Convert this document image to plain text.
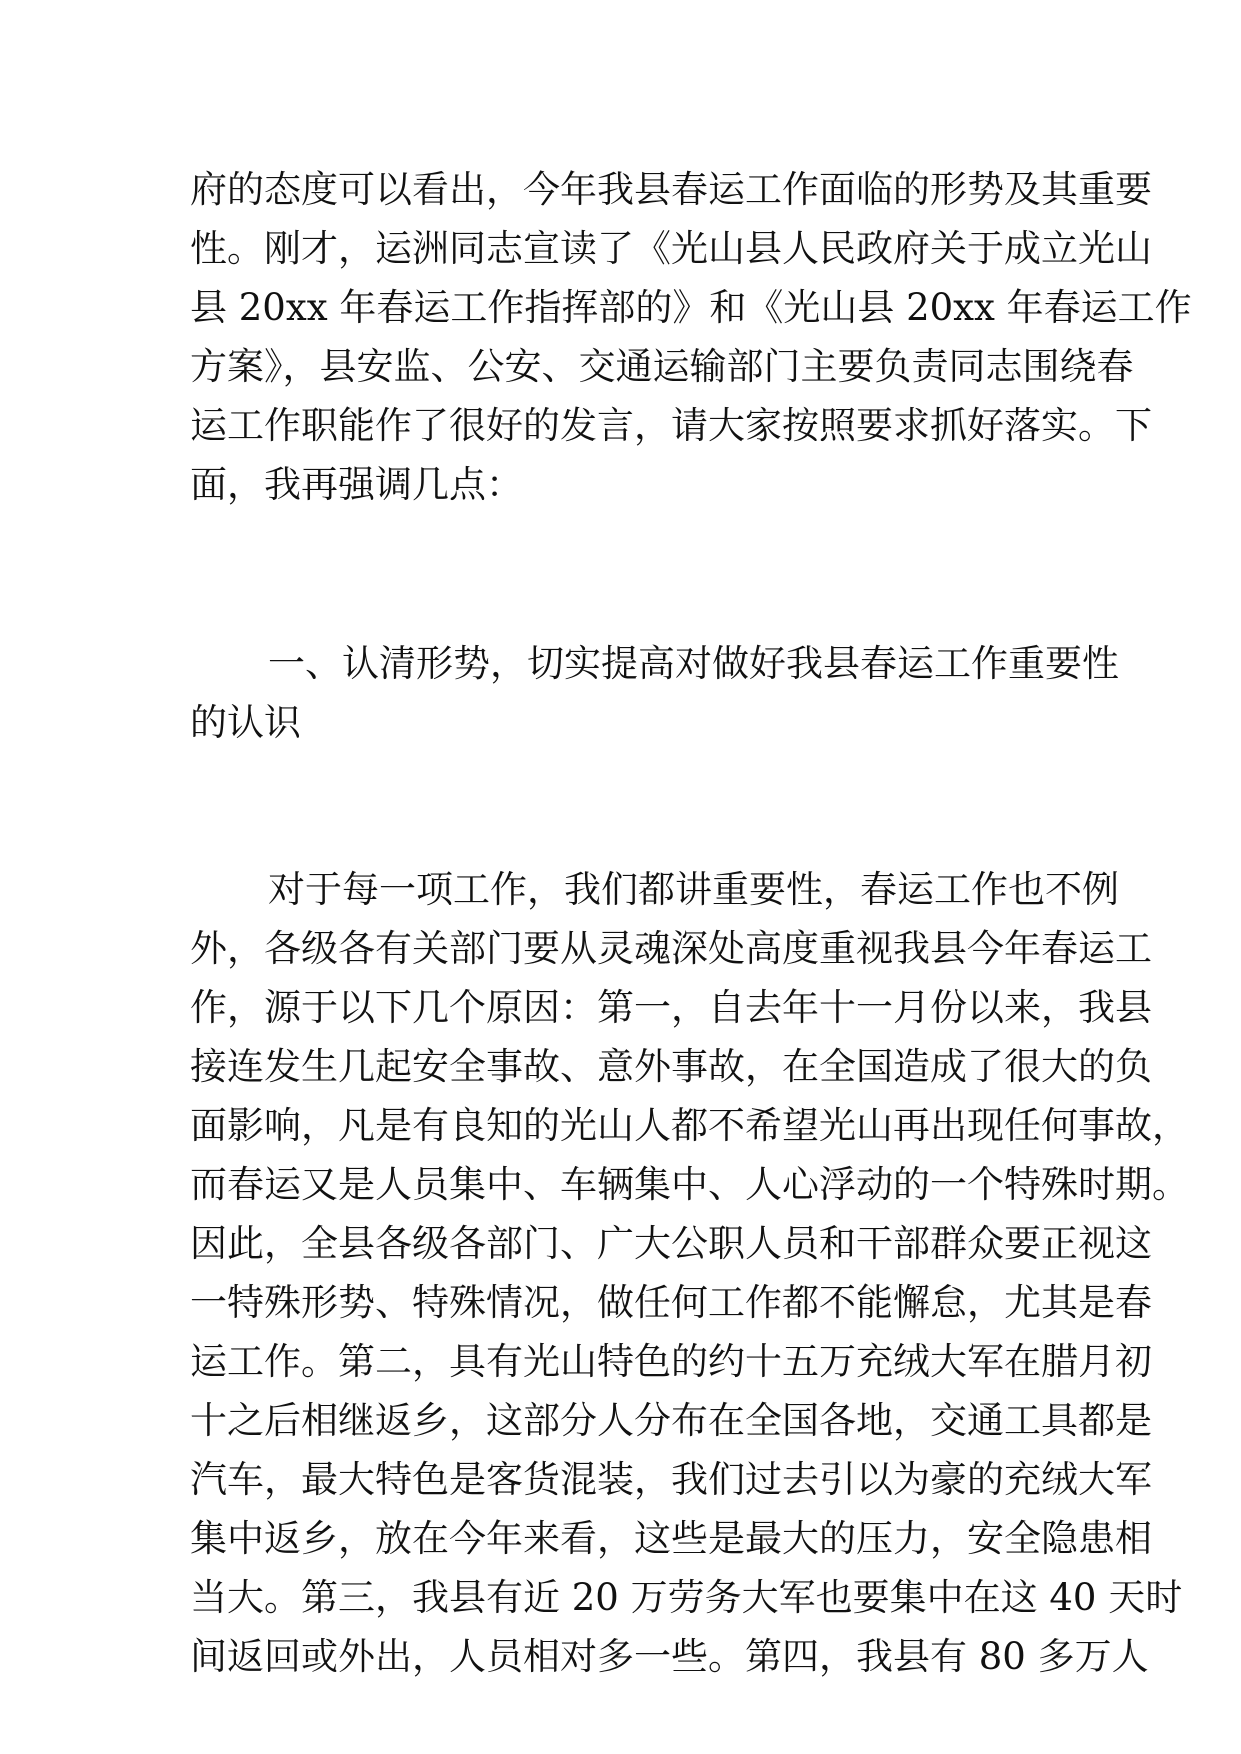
府的态度可以看出，今年我县春运工作面临的形势及其重要
性。刚才，运洲同志宣读了《光山县人民政府关于成立光山
县 20xx 年春运工作指挥部的》和《光山县 20xx 年春运工作
方案》，县安监、公安、交通运输部门主要负责同志围绕春
运工作职能作了很好的发言，请大家按照要求抓好落实。下
面，我再强调几点：
一、认清形势，切实提高对做好我县春运工作重要性
的认识
对于每一项工作，我们都讲重要性，春运工作也不例
外，各级各有关部门要从灵魂深处高度重视我县今年春运工
作，源于以下几个原因：第一，自去年十一月份以来，我县
接连发生几起安全事故、意外事故，在全国造成了很大的负
面影响，凡是有良知的光山人都不希望光山再出现任何事故，
而春运又是人员集中、车辆集中、人心浮动的一个特殊时期。
因此，全县各级各部门、广大公职人员和干部群众要正视这
一特殊形势、特殊情况，做任何工作都不能懈怠，尤其是春
运工作。第二，具有光山特色的约十五万充绒大军在腊月初
十之后相继返乡，这部分人分布在全国各地，交通工具都是
汽车，最大特色是客货混装，我们过去引以为豪的充绒大军
集中返乡，放在今年来看，这些是最大的压力，安全隐患相
当大。第三，我县有近 20 万劳务大军也要集中在这 40 天时
间返回或外出，人员相对多一些。第四，我县有 80 多万人
